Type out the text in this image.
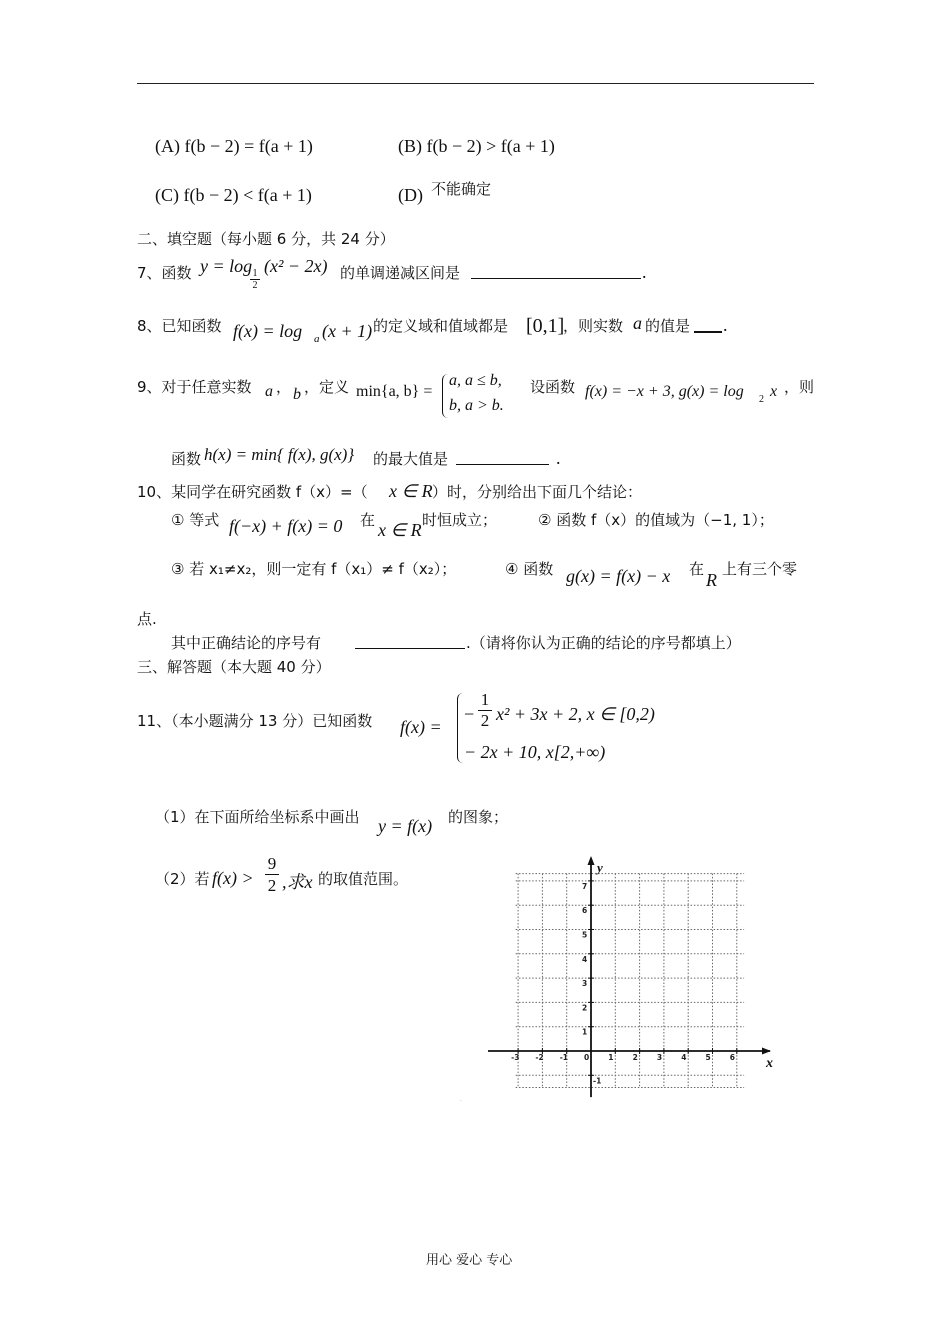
(A) f(b − 2) = f(a + 1)	(B) f(b − 2) > f(a + 1)
(C) f(b − 2) < f(a + 1)	(D) 不能确定
二、填空题（每小题 6 分，共 24 分）
7、函数 y = log
$\frac{1}{2}$
(x² − 2x) 的单调递减区间是	.
8、已知函数 f(x) = log a (x + 1) 的定义域和值域都是 [0,1]
，则实数 a 的值是 .
9、对于任意实数 a ， b ，定义 min{a, b} =
a, a ≤ b,
b, a > b.
设函数 f(x) = −x + 3, g(x) = log 2 x ，则
函数 h(x) = min{ f(x), g(x)} 的最大值是	.
10、某同学在研究函数 f（x）=（ x ∈ R ）时，分别给出下面几个结论：
① 等式 f(−x) + f(x) = 0 在 x ∈ R 时恒成立；	② 函数 f（x）的值域为（−1, 1）；
③ 若 x₁≠x₂，则一定有 f（x₁）≠ f（x₂）；	④ 函数 g(x) = f(x) − x 在
R
上有三个零
点.
其中正确结论的序号有	.（请将你认为正确的结论的序号都填上）
三、解答题（本大题 40 分）
11、（本小题满分 13 分）已知函数 f(x) =
− $\frac{1}{2} x^2 + 3x + 2$, x ∈ [0,2)
− 2x + 10, x[2,+∞)
（1）在下面所给坐标系中画出 y = f(x) 的图象；
（2）若 $f(x) > \frac{9}{2}$ ,求x 的取值范围。
x
y
-3 -2 -1 0	1	2	3	4	5	6
1
2
3
4
5
6
7
-1
·
用心 爱心 专心
